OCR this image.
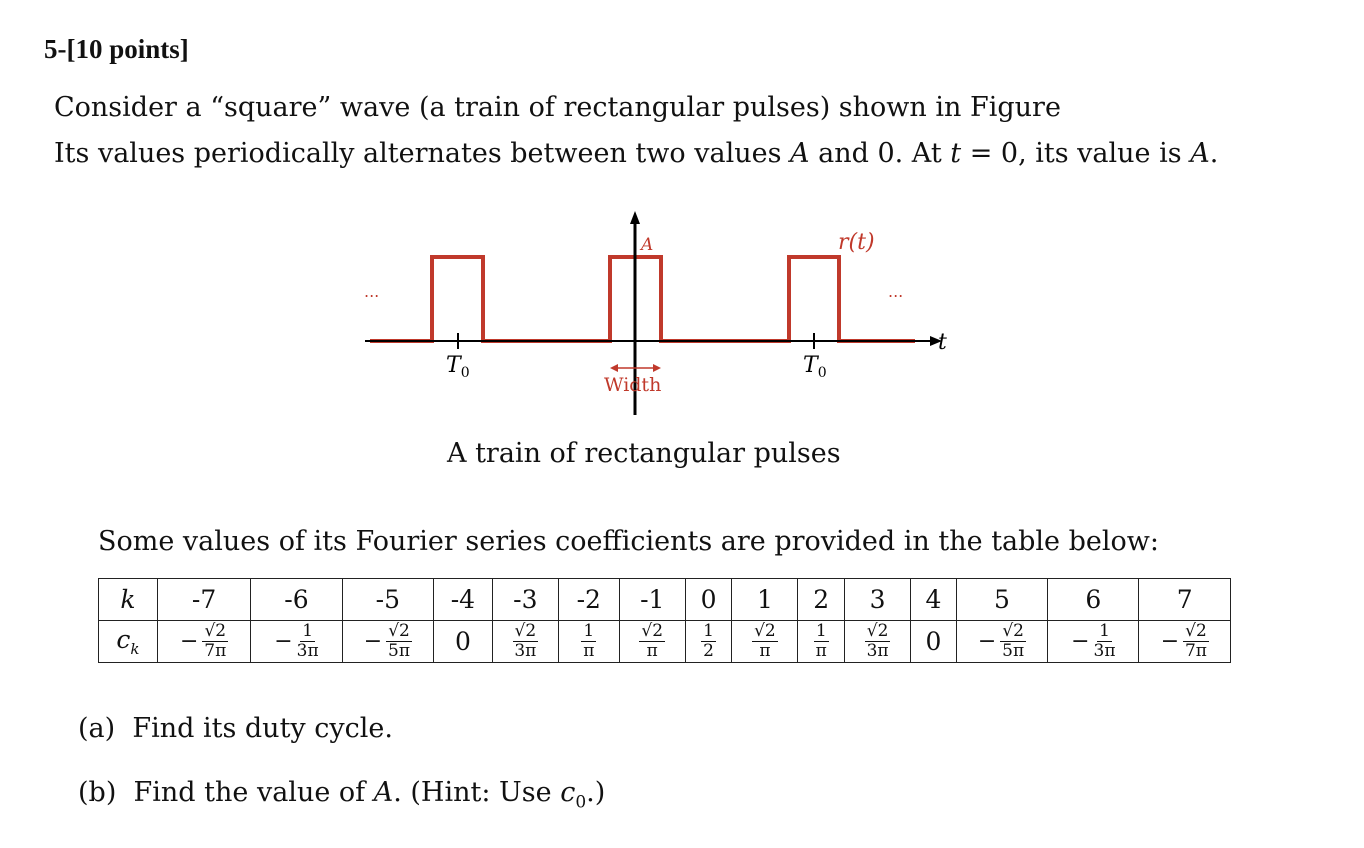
5-[10 points]
Consider a “square” wave (a train of rectangular pulses) shown in Figure
Its values periodically alternates between two values A and 0. At t = 0, its value is A.
A	r(t)
...	...
t
$T_0$	$T_0$
Width
A train of rectangular pulses
Some values of its Fourier series coefficients are provided in the table below:
k	-7	-6	-5	-4	-3	-2	-1	0	1	2	3	4	5	6	7
$c_k$	− $\frac{√2}{7\pi}$	− $\frac{1}{3\pi}$	− $\frac{√2}{5\pi}$	0	$\frac{√2}{3\pi}$	$\frac{1}{\pi}$	$\frac{√2}{\pi}$	$\frac{1}{2}$	$\frac{√2}{\pi}$	$\frac{1}{\pi}$	$\frac{√2}{3\pi}$	0	− $\frac{√2}{5\pi}$	− $\frac{1}{3\pi}$	− $\frac{√2}{7\pi}$
(a) Find its duty cycle.
(b) Find the value of A. (Hint: Use $c_0$.)
